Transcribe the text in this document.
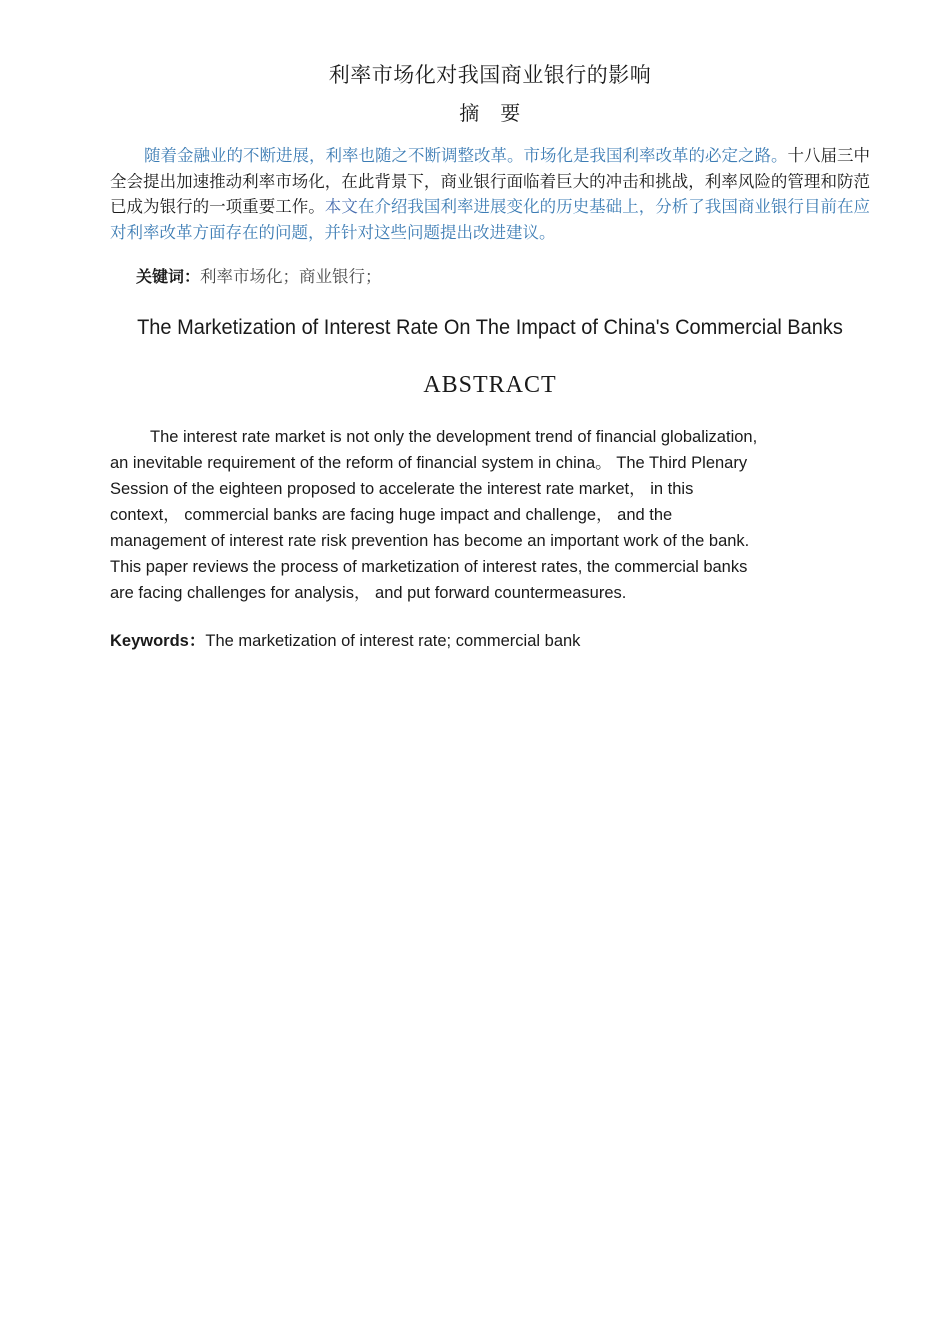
利率市场化对我国商业银行的影响
摘　要
随着金融业的不断进展，利率也随之不断调整改革。市场化是我国利率改革的必定之路。十八届三中全会提出加速推动利率市场化，在此背景下，商业银行面临着巨大的冲击和挑战，利率风险的管理和防范已成为银行的一项重要工作。本文在介绍我国利率进展变化的历史基础上，分析了我国商业银行目前在应对利率改革方面存在的问题，并针对这些问题提出改进建议。
关键词：利率市场化；商业银行；
The Marketization of Interest Rate On The Impact of China's Commercial Banks
ABSTRACT

The interest rate market is not only the development trend of financial globalization,

an inevitable requirement of the reform of financial system in china。 The Third Plenary

Session of the eighteen proposed to accelerate the interest rate market， in this

context， commercial banks are facing huge impact and challenge， and the

management of interest rate risk prevention has become an important work of the bank.

This paper reviews the process of marketization of interest rates, the commercial banks

are facing challenges for analysis， and put forward countermeasures.

Keywords：The marketization of interest rate; commercial bank
